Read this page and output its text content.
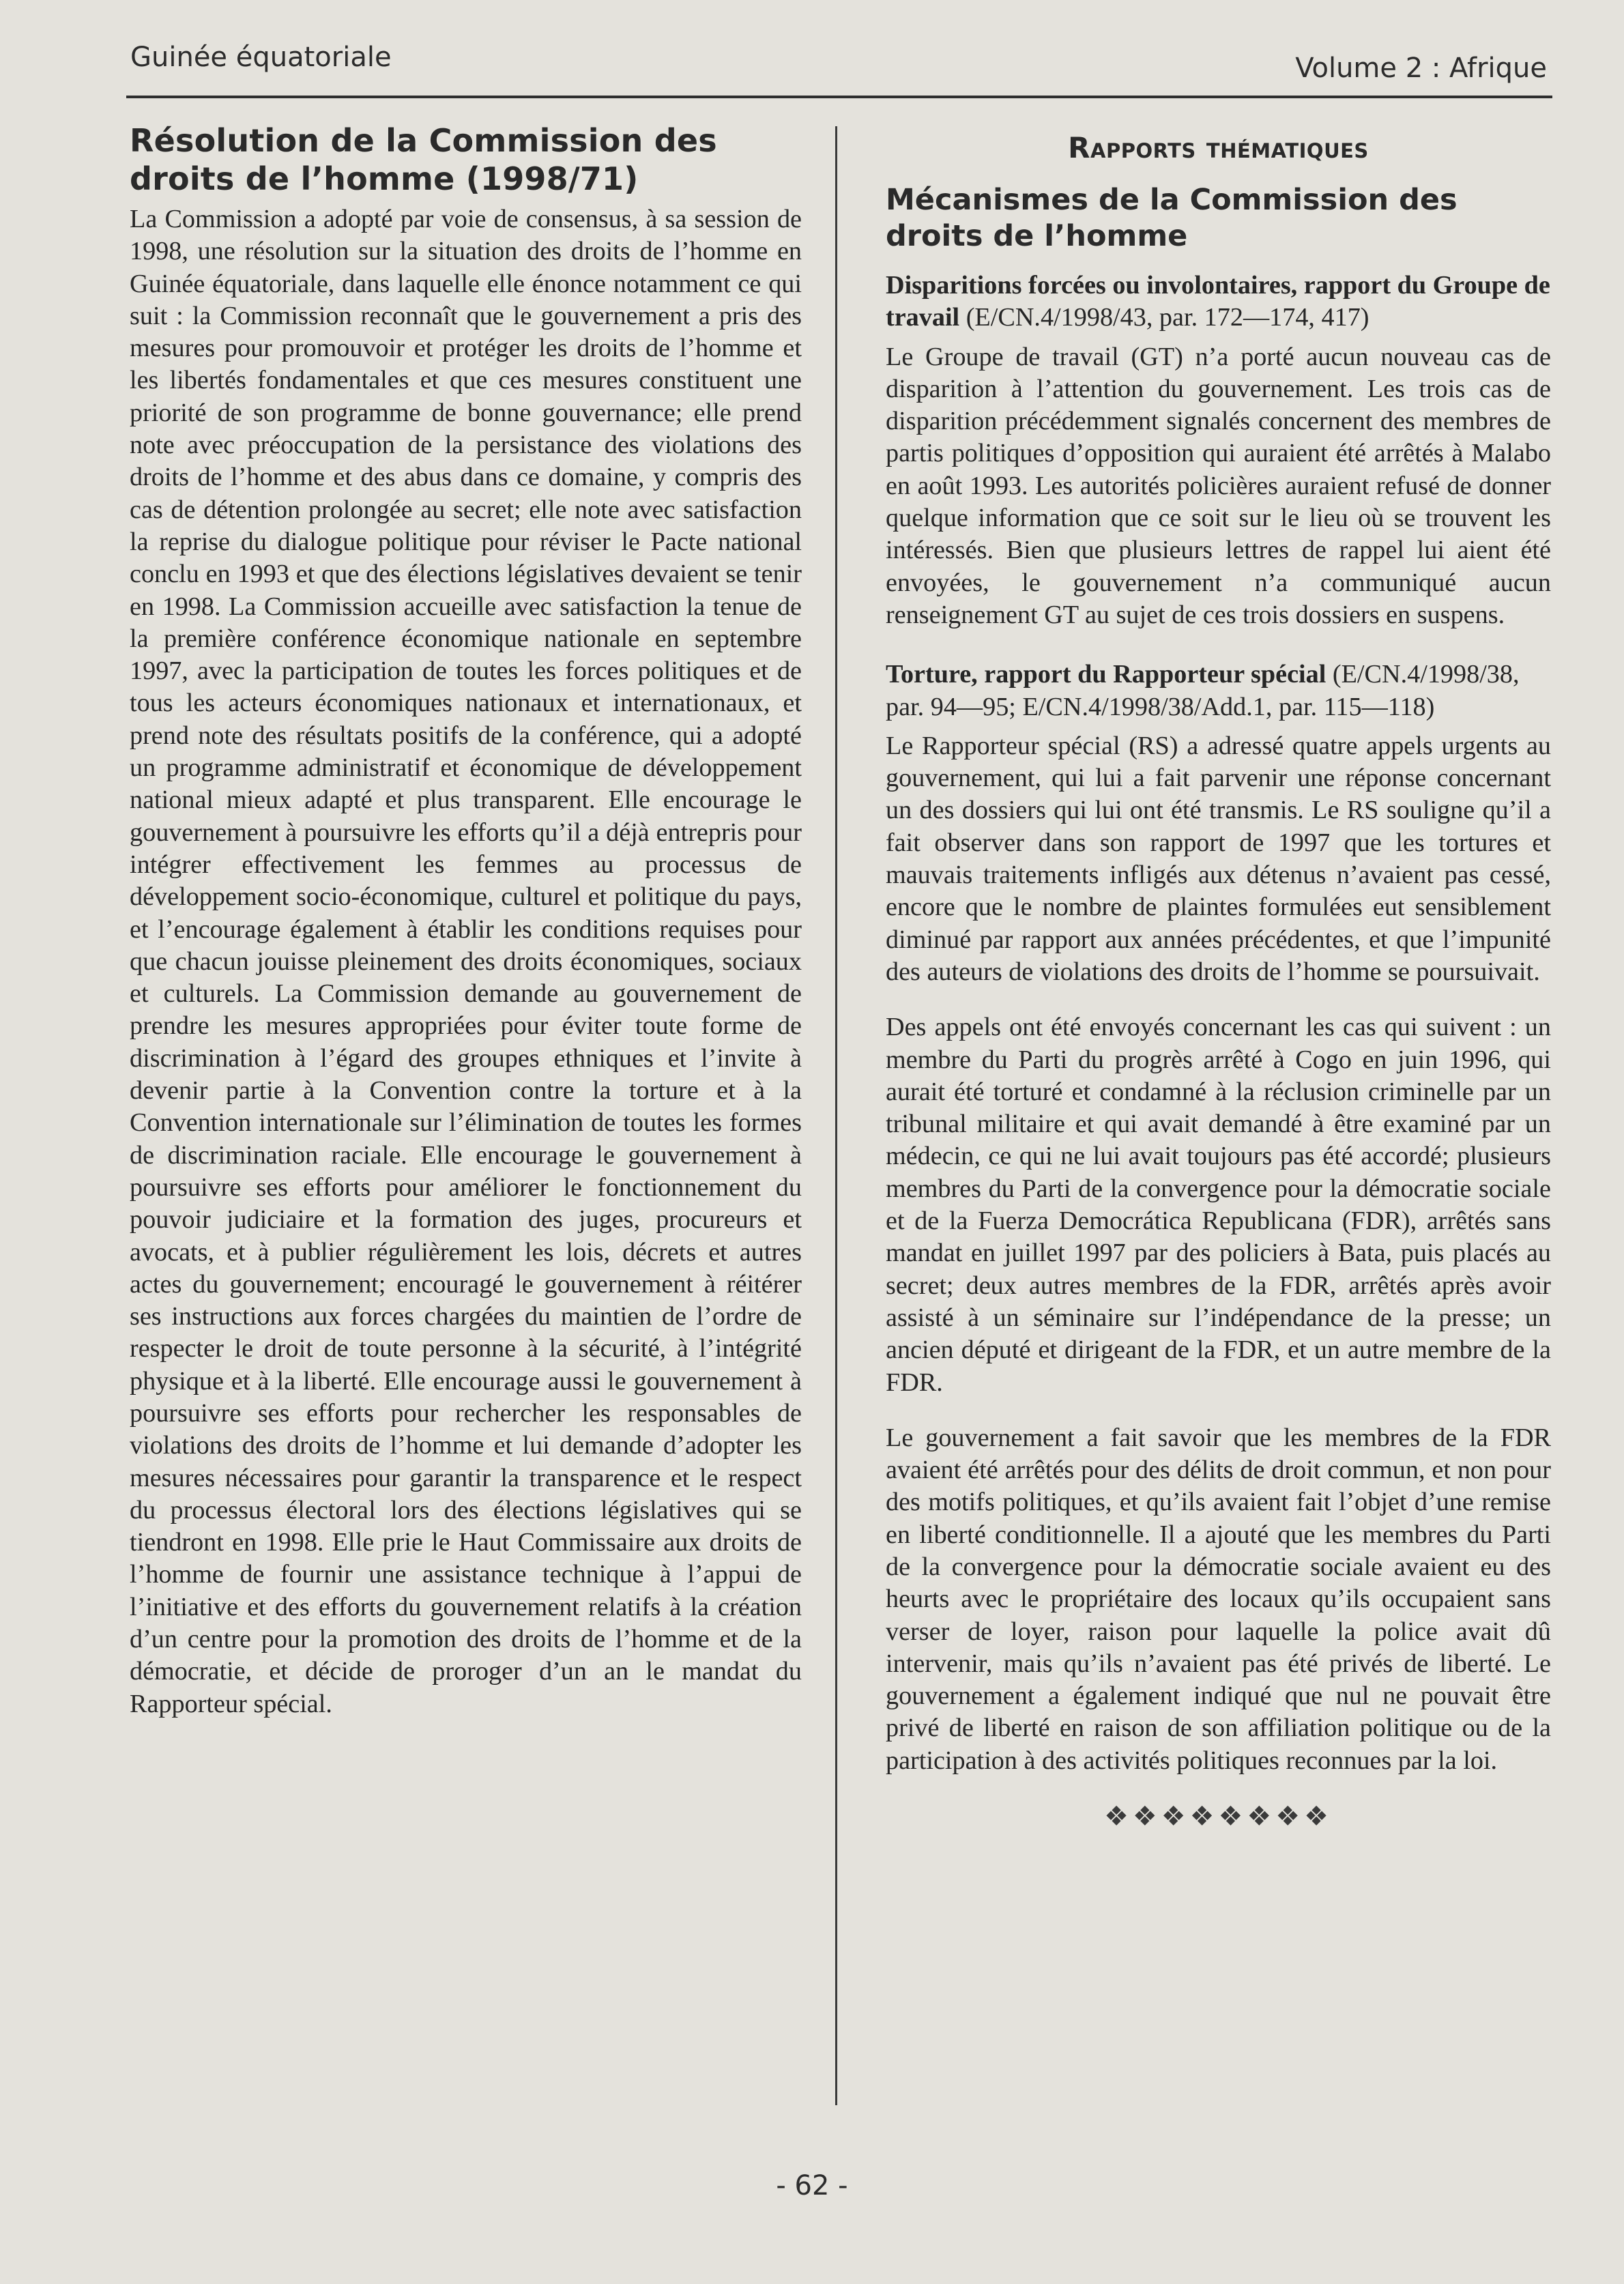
Guinée équatoriale	Volume 2 : Afrique
Résolution de la Commission des droits de l’homme (1998/71)

La Commission a adopté par voie de consensus, à sa session de 1998, une résolution sur la situation des droits de l’homme en Guinée équatoriale, dans laquelle elle énonce notamment ce qui suit : la Commission reconnaît que le gouvernement a pris des mesures pour promouvoir et protéger les droits de l’homme et les libertés fondamentales et que ces mesures constituent une priorité de son programme de bonne gouvernance; elle prend note avec préoccupation de la persistance des violations des droits de l’homme et des abus dans ce domaine, y compris des cas de détention prolongée au secret; elle note avec satisfaction la reprise du dialogue politique pour réviser le Pacte national conclu en 1993 et que des élections législatives devaient se tenir en 1998. La Commission accueille avec satisfaction la tenue de la première conférence économique nationale en septembre 1997, avec la participation de toutes les forces politiques et de tous les acteurs économiques nationaux et internationaux, et prend note des résultats positifs de la conférence, qui a adopté un programme administratif et économique de développement national mieux adapté et plus transparent. Elle encourage le gouvernement à poursuivre les efforts qu’il a déjà entrepris pour intégrer effectivement les femmes au processus de développement socio-économique, culturel et politique du pays, et l’encourage également à établir les conditions requises pour que chacun jouisse pleinement des droits économiques, sociaux et culturels. La Commission demande au gouvernement de prendre les mesures appropriées pour éviter toute forme de discrimination à l’égard des groupes ethniques et l’invite à devenir partie à la Convention contre la torture et à la Convention internationale sur l’élimination de toutes les formes de discrimination raciale. Elle encourage le gouvernement à poursuivre ses efforts pour améliorer le fonctionnement du pouvoir judiciaire et la formation des juges, procureurs et avocats, et à publier régulièrement les lois, décrets et autres actes du gouvernement; encouragé le gouvernement à réitérer ses instructions aux forces chargées du maintien de l’ordre de respecter le droit de toute personne à la sécurité, à l’intégrité physique et à la liberté. Elle encourage aussi le gouvernement à poursuivre ses efforts pour rechercher les responsables de violations des droits de l’homme et lui demande d’adopter les mesures nécessaires pour garantir la transparence et le respect du processus électoral lors des élections législatives qui se tiendront en 1998. Elle prie le Haut Commissaire aux droits de l’homme de fournir une assistance technique à l’appui de l’initiative et des efforts du gouvernement relatifs à la création d’un centre pour la promotion des droits de l’homme et de la démocratie, et décide de proroger d’un an le mandat du Rapporteur spécial.

Rapports thématiques
Mécanismes de la Commission des droits de l’homme
Disparitions forcées ou involontaires, rapport du Groupe de travail (E/CN.4/1998/43, par. 172—174, 417)

Le Groupe de travail (GT) n’a porté aucun nouveau cas de disparition à l’attention du gouvernement. Les trois cas de disparition précédemment signalés concernent des membres de partis politiques d’opposition qui auraient été arrêtés à Malabo en août 1993. Les autorités policières auraient refusé de donner quelque information que ce soit sur le lieu où se trouvent les intéressés. Bien que plusieurs lettres de rappel lui aient été envoyées, le gouvernement n’a communiqué aucun renseignement GT au sujet de ces trois dossiers en suspens.

Torture, rapport du Rapporteur spécial (E/CN.4/1998/38, par. 94—95; E/CN.4/1998/38/Add.1, par. 115—118)

Le Rapporteur spécial (RS) a adressé quatre appels urgents au gouvernement, qui lui a fait parvenir une réponse concernant un des dossiers qui lui ont été transmis. Le RS souligne qu’il a fait observer dans son rapport de 1997 que les tortures et mauvais traitements infligés aux détenus n’avaient pas cessé, encore que le nombre de plaintes formulées eut sensiblement diminué par rapport aux années précédentes, et que l’impunité des auteurs de violations des droits de l’homme se poursuivait.

Des appels ont été envoyés concernant les cas qui suivent : un membre du Parti du progrès arrêté à Cogo en juin 1996, qui aurait été torturé et condamné à la réclusion criminelle par un tribunal militaire et qui avait demandé à être examiné par un médecin, ce qui ne lui avait toujours pas été accordé; plusieurs membres du Parti de la convergence pour la démocratie sociale et de la Fuerza Democrática Republicana (FDR), arrêtés sans mandat en juillet 1997 par des policiers à Bata, puis placés au secret; deux autres membres de la FDR, arrêtés après avoir assisté à un séminaire sur l’indépendance de la presse; un ancien député et dirigeant de la FDR, et un autre membre de la FDR.

Le gouvernement a fait savoir que les membres de la FDR avaient été arrêtés pour des délits de droit commun, et non pour des motifs politiques, et qu’ils avaient fait l’objet d’une remise en liberté conditionnelle. Il a ajouté que les membres du Parti de la convergence pour la démocratie sociale avaient eu des heurts avec le propriétaire des locaux qu’ils occupaient sans verser de loyer, raison pour laquelle la police avait dû intervenir, mais qu’ils n’avaient pas été privés de liberté. Le gouvernement a également indiqué que nul ne pouvait être privé de liberté en raison de son affiliation politique ou de la participation à des activités politiques reconnues par la loi.

❖❖❖❖❖❖❖❖
- 62 -
